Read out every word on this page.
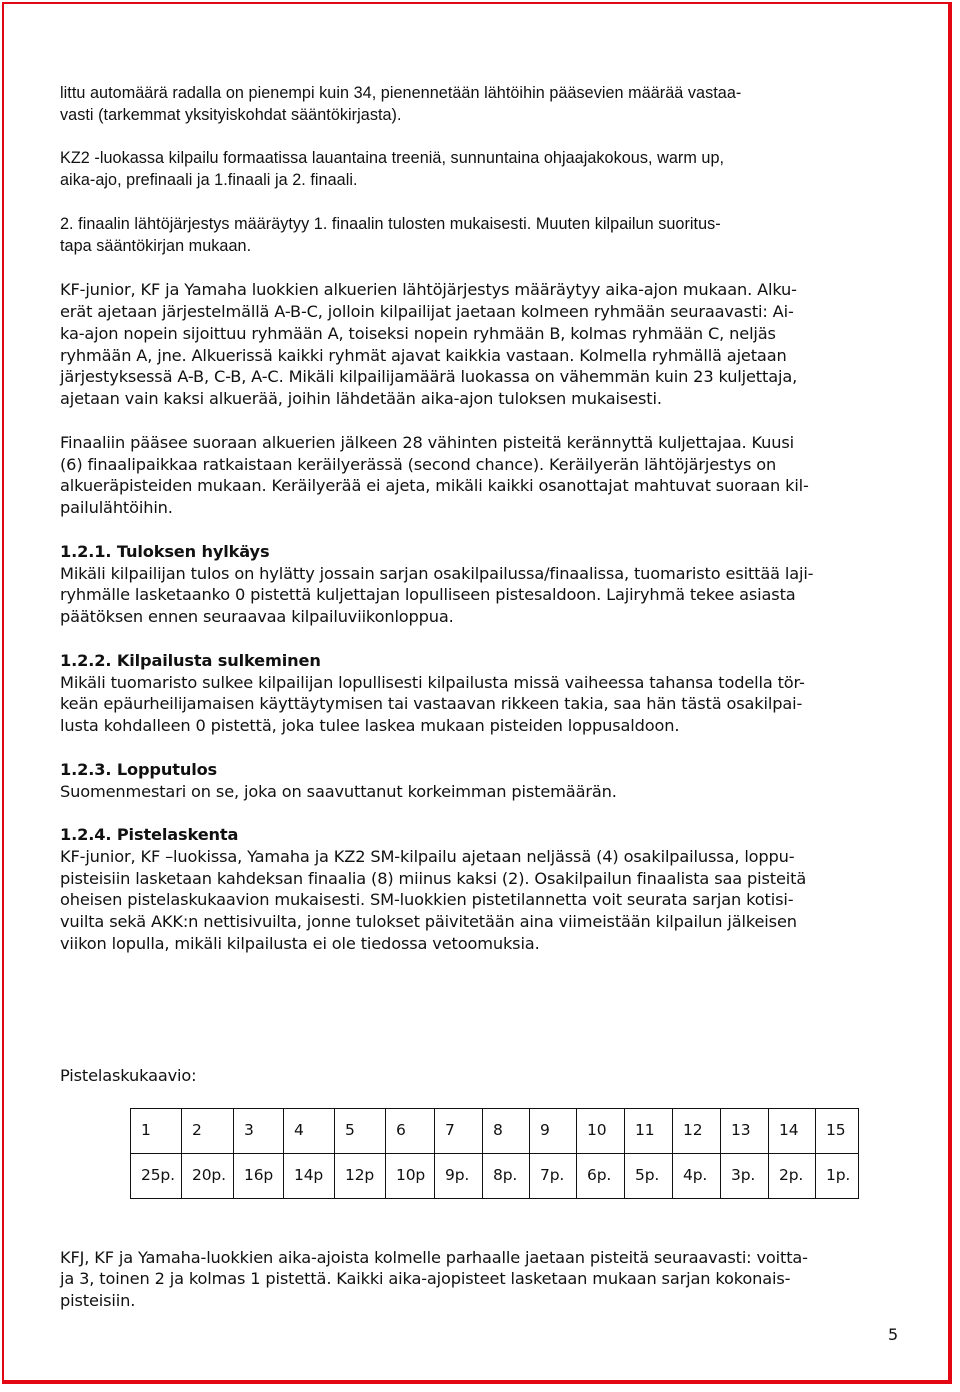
littu automäärä radalla on pienempi kuin 34, pienennetään lähtöihin pääsevien määrää vastaa-
vasti (tarkemmat yksityiskohdat sääntökirjasta).

KZ2 -luokassa kilpailu formaatissa lauantaina treeniä, sunnuntaina ohjaajakokous, warm up,
aika-ajo, prefinaali ja 1.finaali ja 2. finaali.

2. finaalin lähtöjärjestys määräytyy 1. finaalin tulosten mukaisesti. Muuten kilpailun suoritus-
tapa sääntökirjan mukaan.

KF-junior, KF ja Yamaha luokkien alkuerien lähtöjärjestys määräytyy aika-ajon mukaan. Alku-
erät ajetaan järjestelmällä A-B-C, jolloin kilpailijat jaetaan kolmeen ryhmään seuraavasti: Ai-
ka-ajon nopein sijoittuu ryhmään A, toiseksi nopein ryhmään B, kolmas ryhmään C, neljäs
ryhmään A, jne. Alkuerissä kaikki ryhmät ajavat kaikkia vastaan. Kolmella ryhmällä ajetaan
järjestyksessä A-B, C-B, A-C. Mikäli kilpailijamäärä luokassa on vähemmän kuin 23 kuljettaja,
ajetaan vain kaksi alkuerää, joihin lähdetään aika-ajon tuloksen mukaisesti.

Finaaliin pääsee suoraan alkuerien jälkeen 28 vähinten pisteitä kerännyttä kuljettajaa. Kuusi
(6) finaalipaikkaa ratkaistaan keräilyerässä (second chance). Keräilyerän lähtöjärjestys on
alkueräpisteiden mukaan. Keräilyerää ei ajeta, mikäli kaikki osanottajat mahtuvat suoraan kil-
pailulähtöihin.

1.2.1. Tuloksen hylkäys
Mikäli kilpailijan tulos on hylätty jossain sarjan osakilpailussa/finaalissa, tuomaristo esittää laji-
ryhmälle lasketaanko 0 pistettä kuljettajan lopulliseen pistesaldoon. Lajiryhmä tekee asiasta
päätöksen ennen seuraavaa kilpailuviikonloppua.

1.2.2. Kilpailusta sulkeminen
Mikäli tuomaristo sulkee kilpailijan lopullisesti kilpailusta missä vaiheessa tahansa todella tör-
keän epäurheilijamaisen käyttäytymisen tai vastaavan rikkeen takia, saa hän tästä osakilpai-
lusta kohdalleen 0 pistettä, joka tulee laskea mukaan pisteiden loppusaldoon.

1.2.3. Lopputulos
Suomenmestari on se, joka on saavuttanut korkeimman pistemäärän.

1.2.4. Pistelaskenta
KF-junior, KF –luokissa, Yamaha ja KZ2 SM-kilpailu ajetaan neljässä (4) osakilpailussa, loppu-
pisteisiin lasketaan kahdeksan finaalia (8) miinus kaksi (2). Osakilpailun finaalista saa pisteitä
oheisen pistelaskukaavion mukaisesti. SM-luokkien pistetilannetta voit seurata sarjan kotisi-
vuilta sekä AKK:n nettisivuilta, jonne tulokset päivitetään aina viimeistään kilpailun jälkeisen
viikon lopulla, mikäli kilpailusta ei ole tiedossa vetoomuksia.

Pistelaskukaavio:

1	2	3	4	5	6	7	8	9	10	11	12	13	14	15
25p.	20p.	16p	14p	12p	10p	9p.	8p.	7p.	6p.	5p.	4p.	3p.	2p.	1p.

KFJ, KF ja Yamaha-luokkien aika-ajoista kolmelle parhaalle jaetaan pisteitä seuraavasti: voitta-
ja 3, toinen 2 ja kolmas 1 pistettä. Kaikki aika-ajopisteet lasketaan mukaan sarjan kokonais-
pisteisiin.

5
